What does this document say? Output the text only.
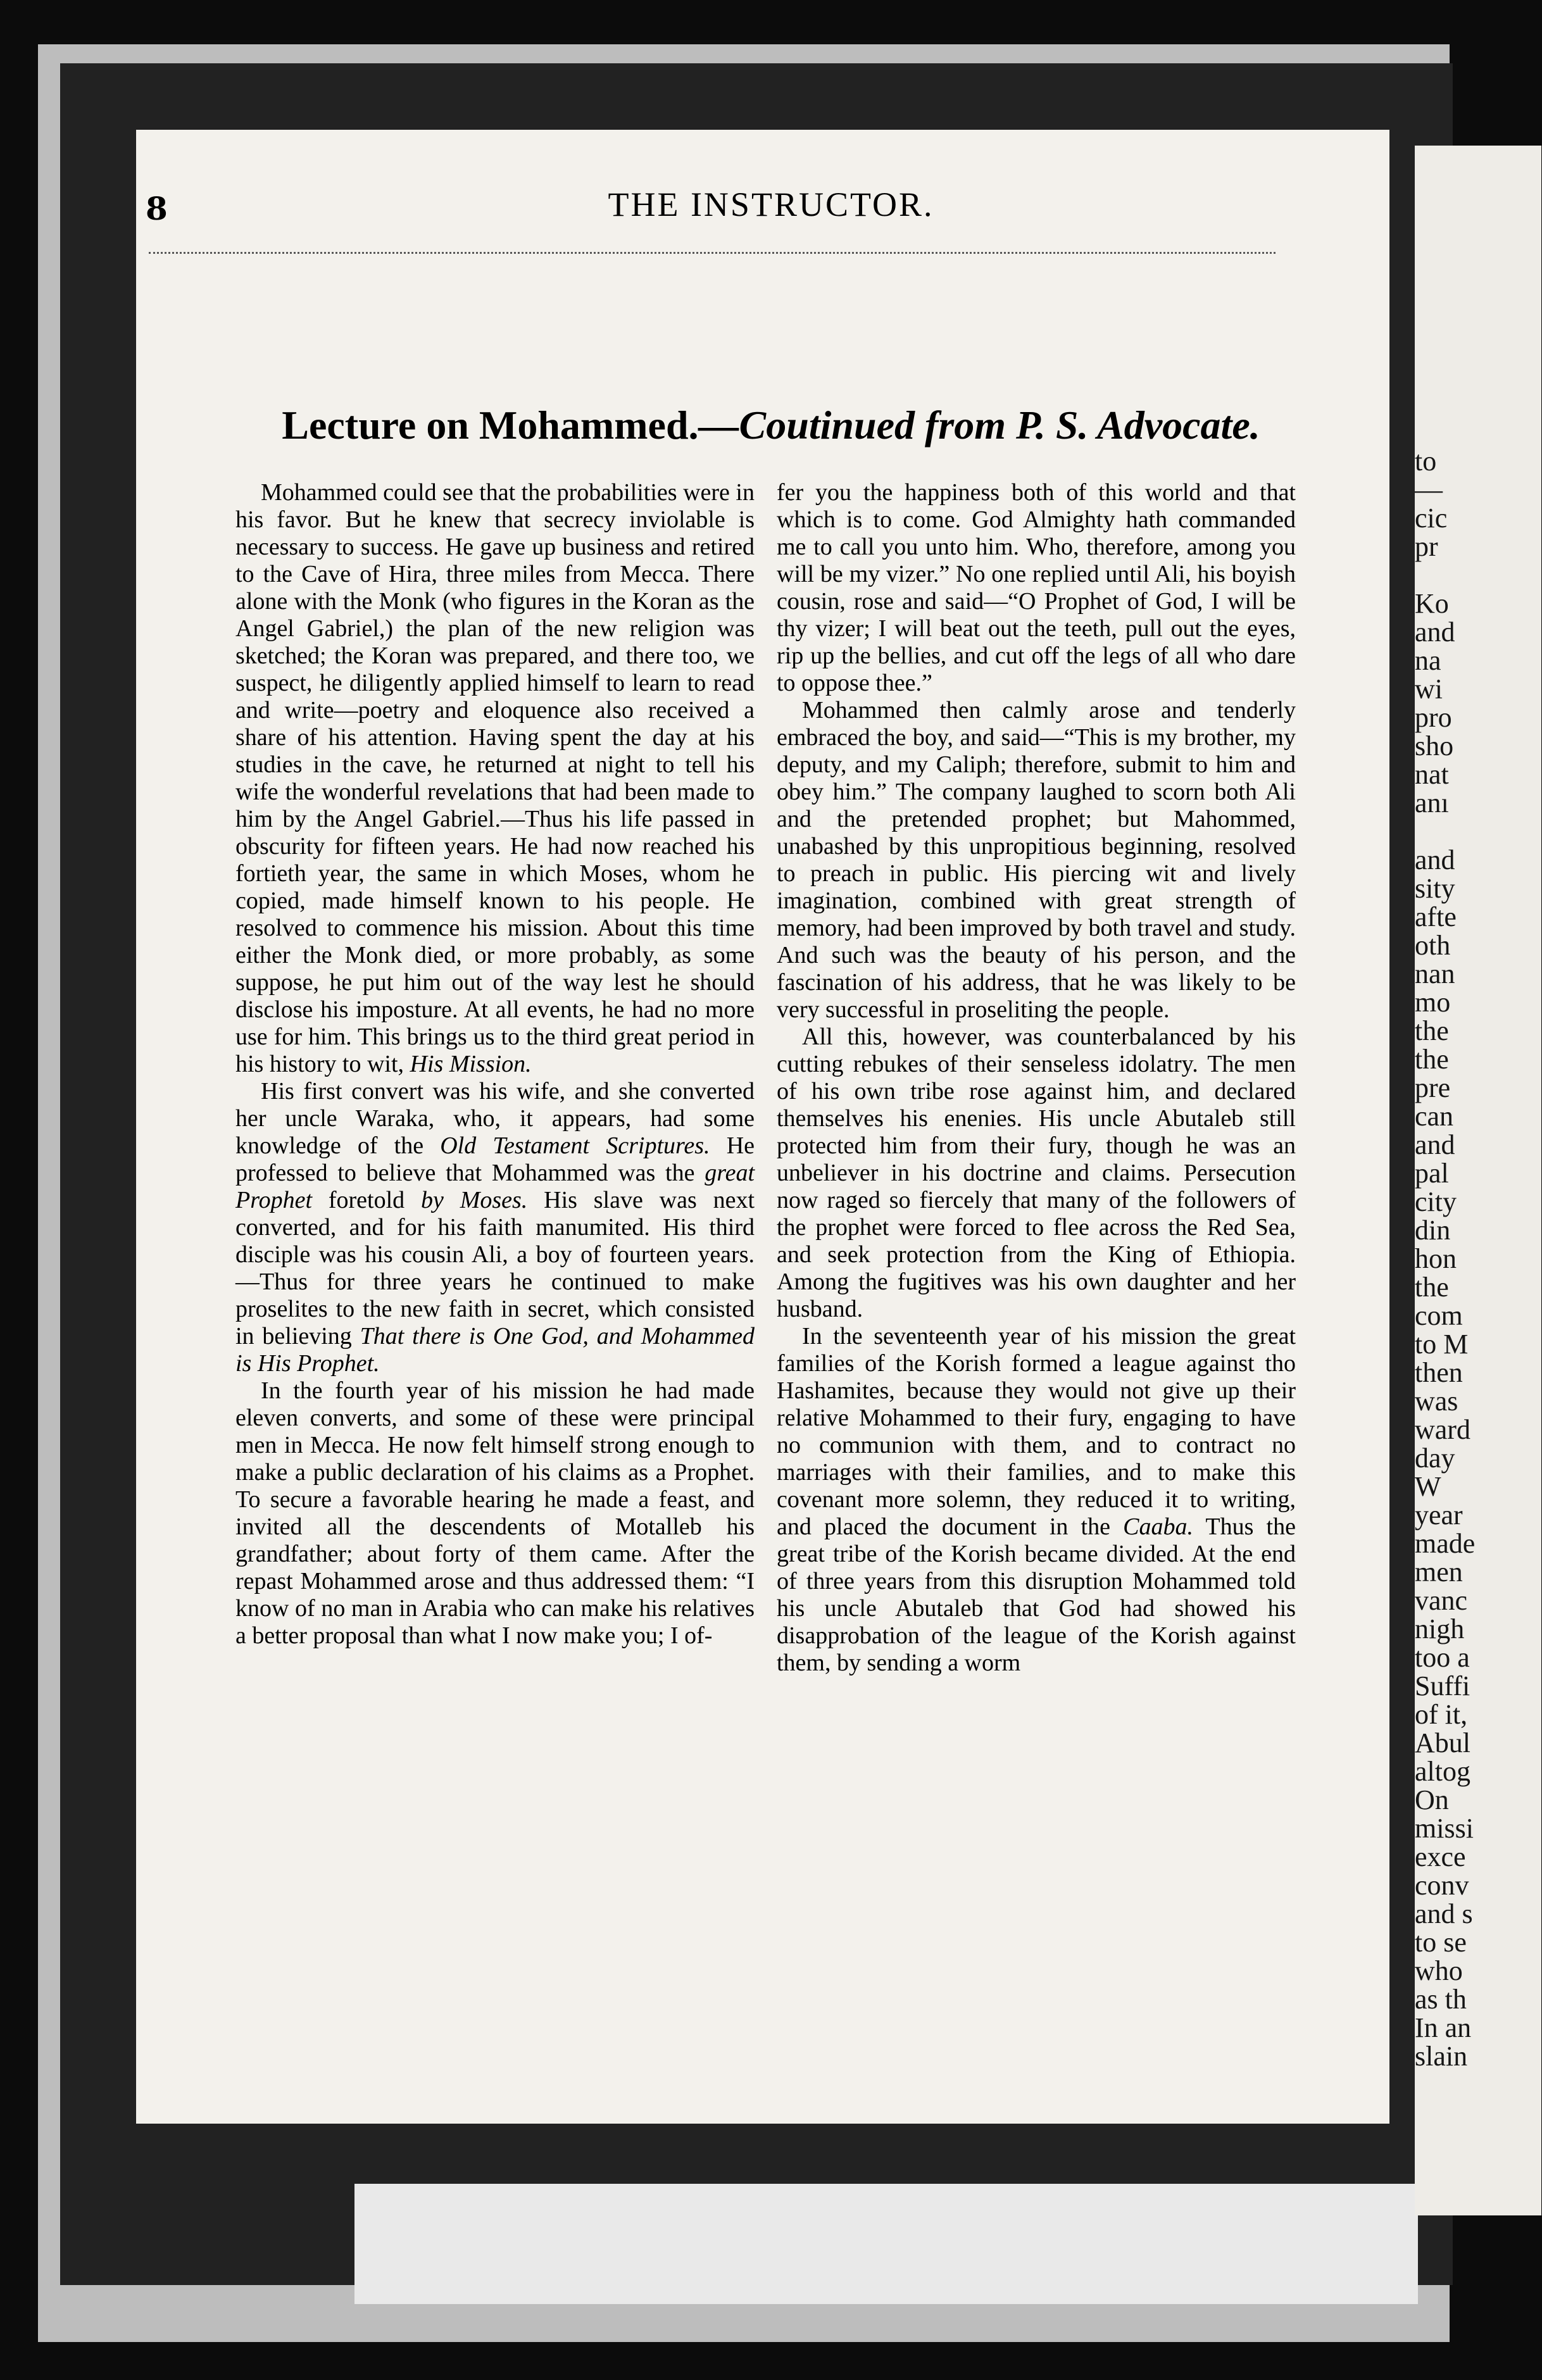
to
—
cic
pr

Ko
and
na
wi
pro
sho
nat
anı

and
sity
afte
oth
nan
mo
the
the
pre
can
and
pal
city
din
hon
the
com
to M
then
was
ward
day
W
year
made
men
vanc
nigh
too a
Suffi
of it,
Abul
altog
On
missi
exce
conv
and s
to se
who
as th
In an
slain
8	THE INSTRUCTOR.
Lecture on Mohammed.—Coutinued from P. S. Advocate.

Mohammed could see that the probabilities were in his favor. But he knew that secrecy inviolable is necessary to success. He gave up business and retired to the Cave of Hira, three miles from Mecca. There alone with the Monk (who figures in the Koran as the Angel Gabriel,) the plan of the new religion was sketched; the Koran was prepared, and there too, we suspect, he diligently applied himself to learn to read and write—poetry and eloquence also received a share of his attention. Having spent the day at his studies in the cave, he returned at night to tell his wife the wonderful revelations that had been made to him by the Angel Gabriel.—Thus his life passed in obscurity for fifteen years. He had now reached his fortieth year, the same in which Moses, whom he copied, made himself known to his people. He resolved to commence his mission. About this time either the Monk died, or more probably, as some suppose, he put him out of the way lest he should disclose his imposture. At all events, he had no more use for him. This brings us to the third great period in his history to wit, His Mission.

His first convert was his wife, and she converted her uncle Waraka, who, it appears, had some knowledge of the Old Testament Scriptures. He professed to believe that Mohammed was the great Prophet foretold by Moses. His slave was next converted, and for his faith manumited. His third disciple was his cousin Ali, a boy of fourteen years.—Thus for three years he continued to make proselites to the new faith in secret, which consisted in believing That there is One God, and Mohammed is His Prophet.

In the fourth year of his mission he had made eleven converts, and some of these were principal men in Mecca. He now felt himself strong enough to make a public declaration of his claims as a Prophet. To secure a favorable hearing he made a feast, and invited all the descendents of Motalleb his grandfather; about forty of them came. After the repast Mohammed arose and thus addressed them: “I know of no man in Arabia who can make his relatives a better proposal than what I now make you; I of-

fer you the happiness both of this world and that which is to come. God Almighty hath commanded me to call you unto him. Who, therefore, among you will be my vizer.” No one replied until Ali, his boyish cousin, rose and said—“O Prophet of God, I will be thy vizer; I will beat out the teeth, pull out the eyes, rip up the bellies, and cut off the legs of all who dare to oppose thee.”

Mohammed then calmly arose and tenderly embraced the boy, and said—“This is my brother, my deputy, and my Caliph; therefore, submit to him and obey him.” The company laughed to scorn both Ali and the pretended prophet; but Mahommed, unabashed by this unpropitious beginning, resolved to preach in public. His piercing wit and lively imagination, combined with great strength of memory, had been improved by both travel and study. And such was the beauty of his person, and the fascination of his address, that he was likely to be very successful in proseliting the people.

All this, however, was counterbalanced by his cutting rebukes of their senseless idolatry. The men of his own tribe rose against him, and declared themselves his enenies. His uncle Abutaleb still protected him from their fury, though he was an unbeliever in his doctrine and claims. Persecution now raged so fiercely that many of the followers of the prophet were forced to flee across the Red Sea, and seek protection from the King of Ethiopia. Among the fugitives was his own daughter and her husband.

In the seventeenth year of his mission the great families of the Korish formed a league against tho Hashamites, because they would not give up their relative Mohammed to their fury, engaging to have no communion with them, and to contract no marriages with their families, and to make this covenant more solemn, they reduced it to writing, and placed the document in the Caaba. Thus the great tribe of the Korish became divided. At the end of three years from this disruption Mohammed told his uncle Abutaleb that God had showed his disapprobation of the league of the Korish against them, by sending a worm
